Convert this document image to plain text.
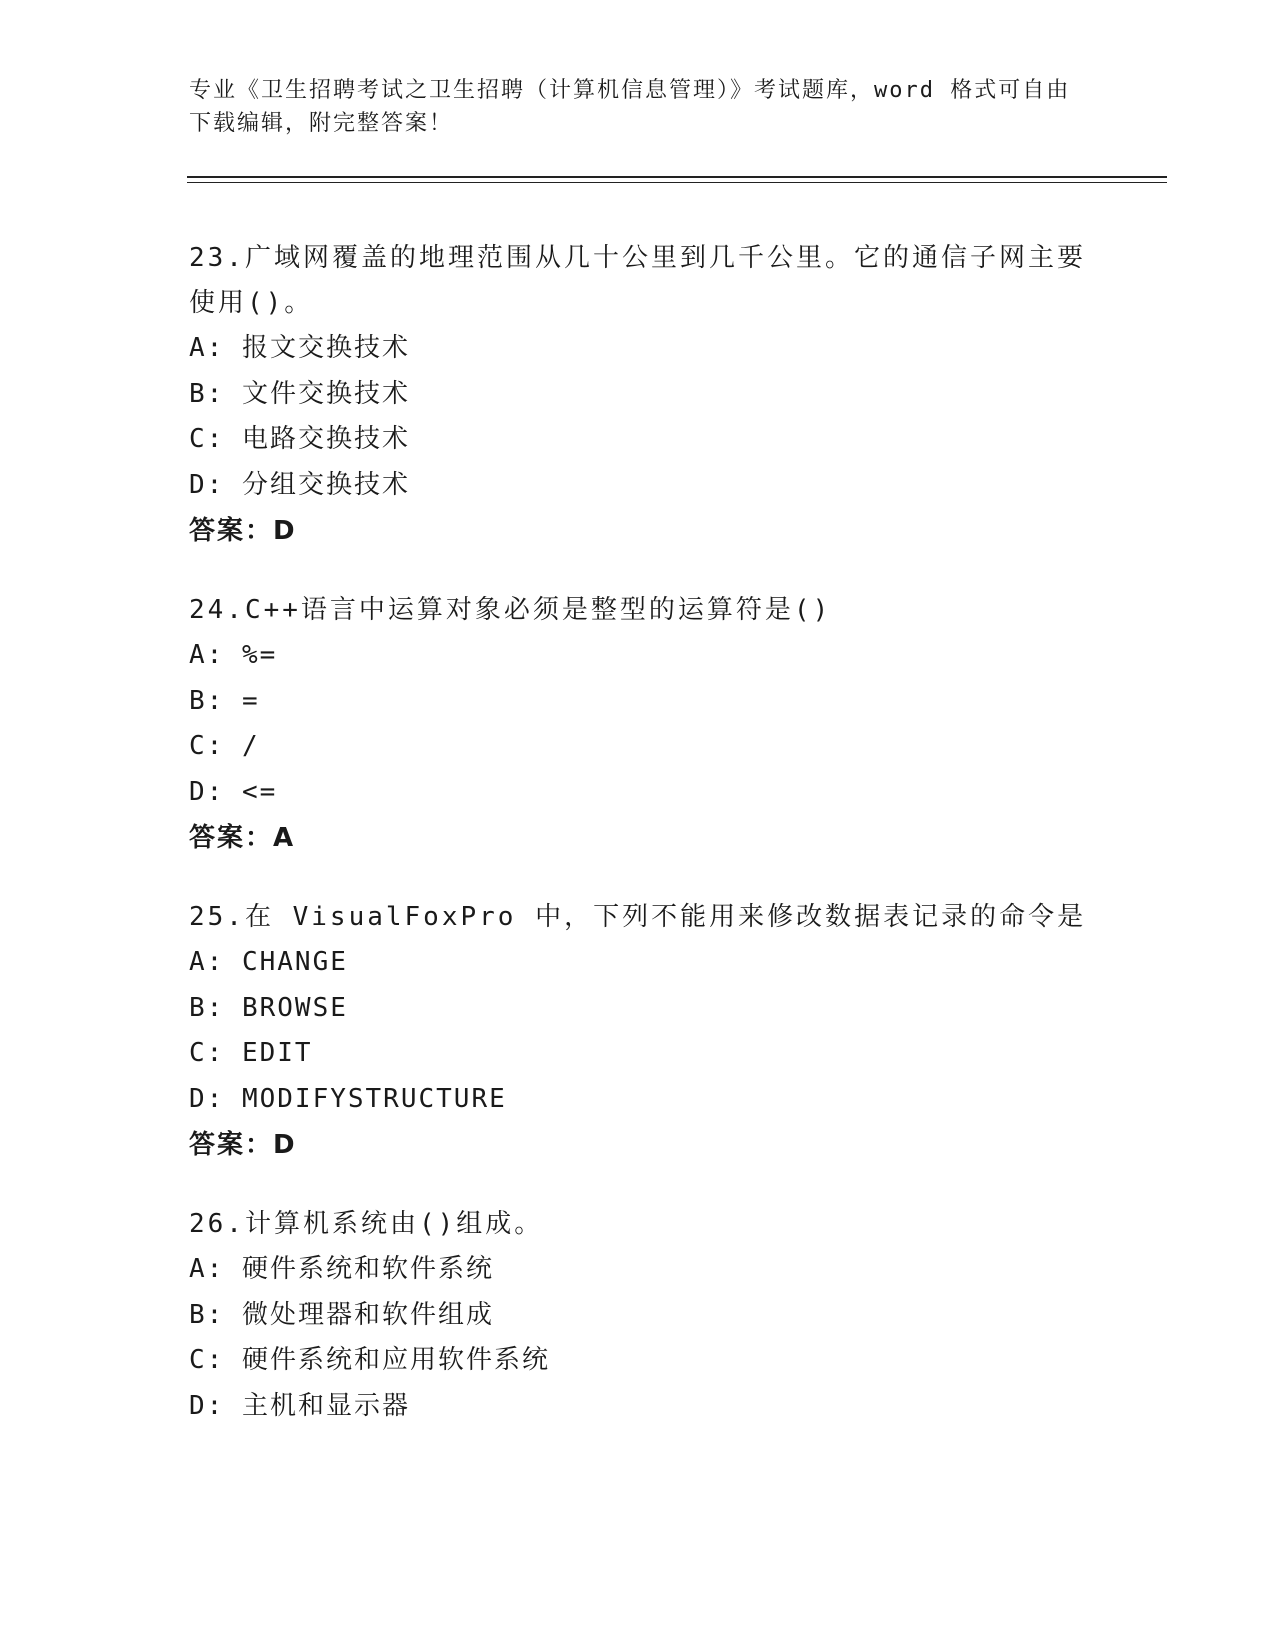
专业《卫生招聘考试之卫生招聘（计算机信息管理）》考试题库，word 格式可自由下载编辑，附完整答案！
23.广域网覆盖的地理范围从几十公里到几千公里。它的通信子网主要使用()。
A: 报文交换技术
B: 文件交换技术
C: 电路交换技术
D: 分组交换技术
答案：D
24.C++语言中运算对象必须是整型的运算符是()
A: %=
B: =
C: /
D: <=
答案：A
25.在 VisualFoxPro 中，下列不能用来修改数据表记录的命令是
A: CHANGE
B: BROWSE
C: EDIT
D: MODIFYSTRUCTURE
答案：D
26.计算机系统由()组成。
A: 硬件系统和软件系统
B: 微处理器和软件组成
C: 硬件系统和应用软件系统
D: 主机和显示器
